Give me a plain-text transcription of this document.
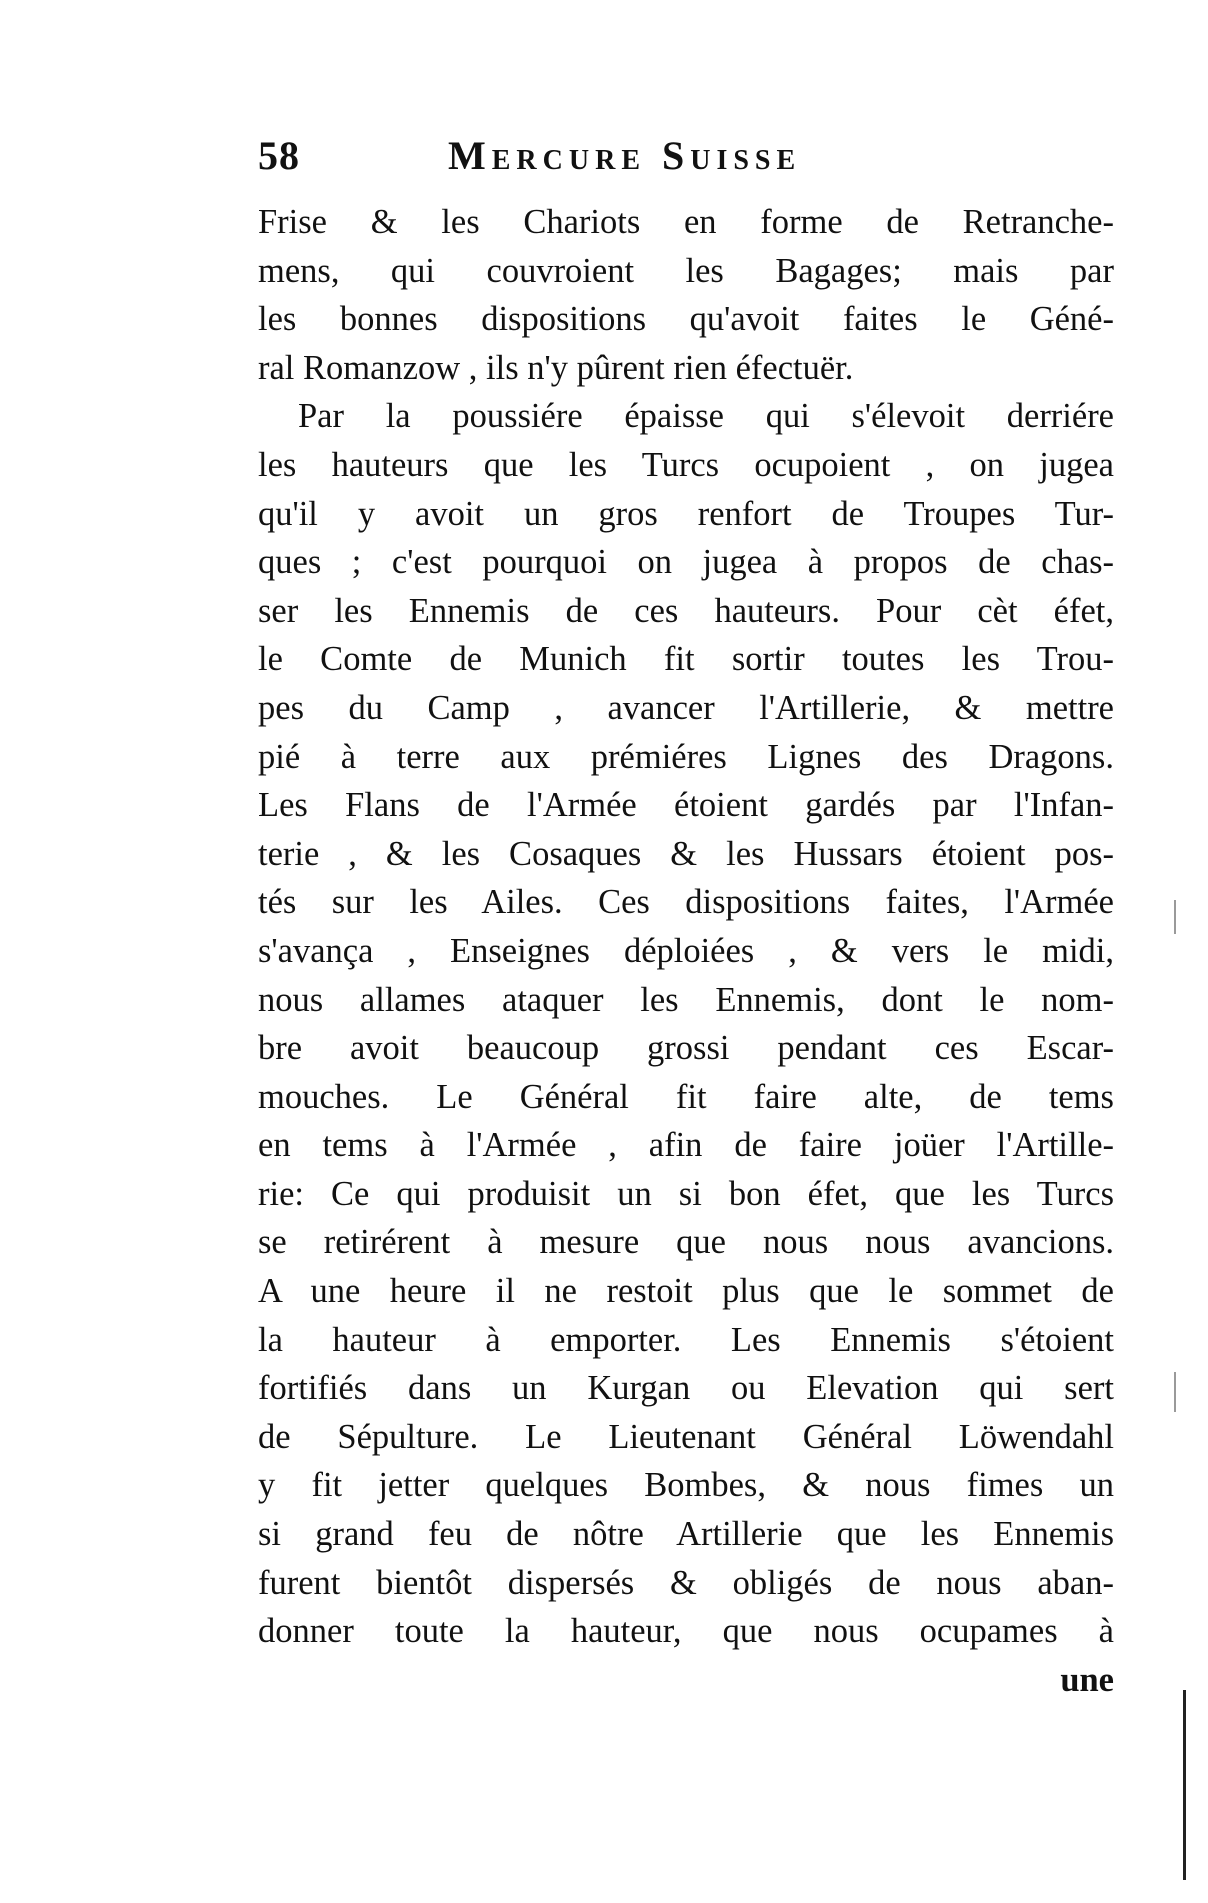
58	Mercure Suisse
Frise & les Chariots en forme de Retranche-
mens, qui couvroient les Bagages; mais par
les bonnes dispositions qu'avoit faites le Géné-
ral Romanzow , ils n'y pûrent rien éfectuër.
Par la poussiére épaisse qui s'élevoit derriére
les hauteurs que les Turcs ocupoient , on jugea
qu'il y avoit un gros renfort de Troupes Tur-
ques ; c'est pourquoi on jugea à propos de chas-
ser les Ennemis de ces hauteurs. Pour cèt éfet,
le Comte de Munich fit sortir toutes les Trou-
pes du Camp , avancer l'Artillerie, & mettre
pié à terre aux prémiéres Lignes des Dragons.
Les Flans de l'Armée étoient gardés par l'Infan-
terie , & les Cosaques & les Hussars étoient pos-
tés sur les Ailes. Ces dispositions faites, l'Armée
s'avança , Enseignes déploiées , & vers le midi,
nous allames ataquer les Ennemis, dont le nom-
bre avoit beaucoup grossi pendant ces Escar-
mouches. Le Général fit faire alte, de tems
en tems à l'Armée , afin de faire joüer l'Artille-
rie: Ce qui produisit un si bon éfet, que les Turcs
se retirérent à mesure que nous nous avancions.
A une heure il ne restoit plus que le sommet de
la hauteur à emporter. Les Ennemis s'étoient
fortifiés dans un Kurgan ou Elevation qui sert
de Sépulture. Le Lieutenant Général Löwendahl
y fit jetter quelques Bombes, & nous fimes un
si grand feu de nôtre Artillerie que les Ennemis
furent bientôt dispersés & obligés de nous aban-
donner toute la hauteur, que nous ocupames à
une
